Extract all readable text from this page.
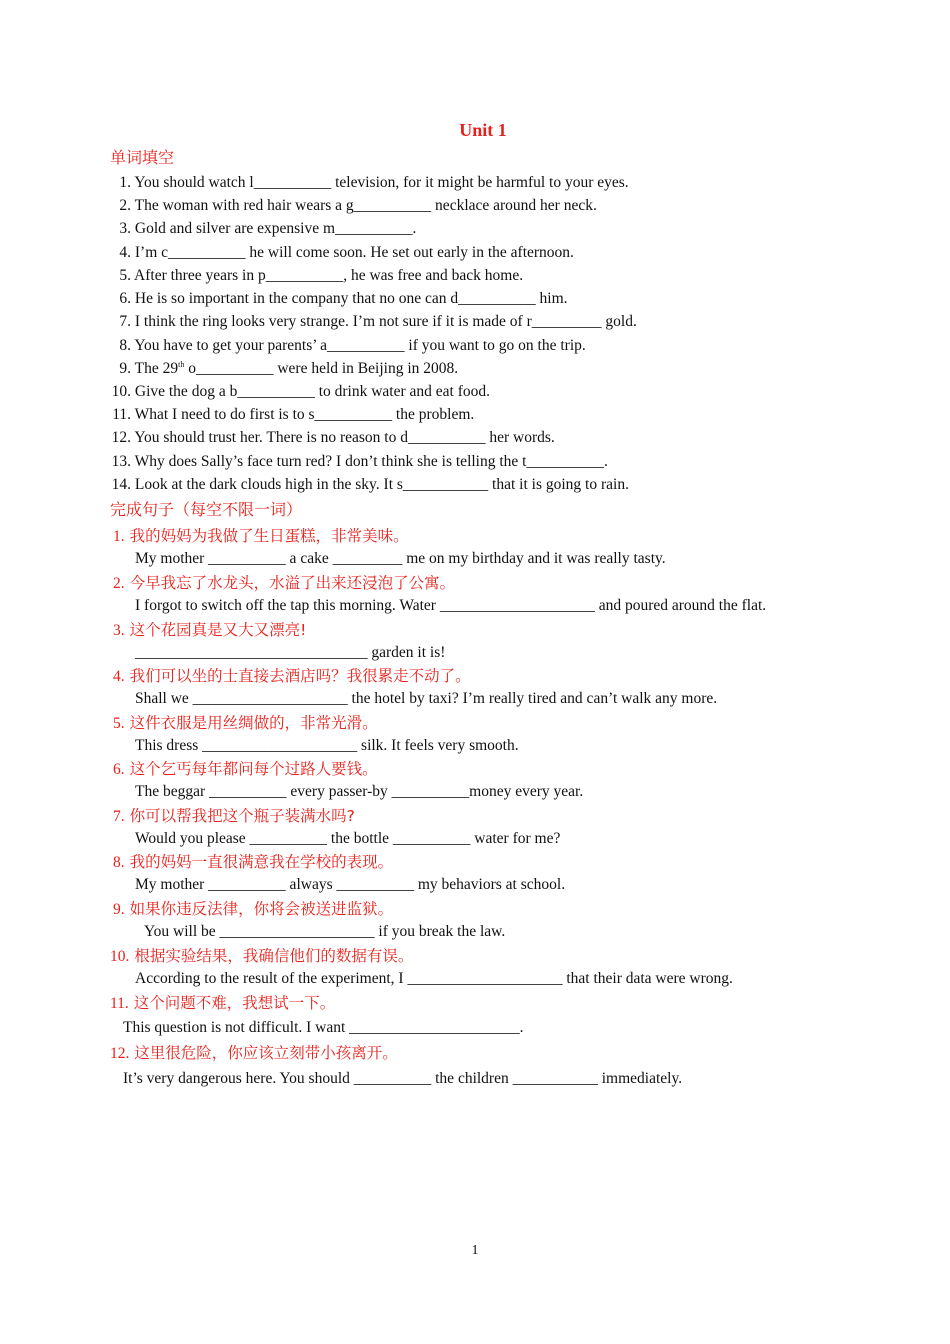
Unit 1
单词填空
1. You should watch l__________ television, for it might be harmful to your eyes.
2. The woman with red hair wears a g__________ necklace around her neck.
3. Gold and silver are expensive m__________.
4. I’m c__________ he will come soon. He set out early in the afternoon.
5. After three years in p__________, he was free and back home.
6. He is so important in the company that no one can d__________ him.
7. I think the ring looks very strange. I’m not sure if it is made of r_________ gold.
8. You have to get your parents’ a__________ if you want to go on the trip.
9. The 29th o__________ were held in Beijing in 2008.
10. Give the dog a b__________ to drink water and eat food.
11. What I need to do first is to s__________ the problem.
12. You should trust her. There is no reason to d__________ her words.
13. Why does Sally’s face turn red? I don’t think she is telling the t__________.
14. Look at the dark clouds high in the sky. It s___________ that it is going to rain.
完成句子（每空不限一词）
1. 我的妈妈为我做了生日蛋糕，非常美味。
My mother __________ a cake _________ me on my birthday and it was really tasty.
2. 今早我忘了水龙头，水溢了出来还浸泡了公寓。
I forgot to switch off the tap this morning. Water ____________________ and poured around the flat.
3. 这个花园真是又大又漂亮!
______________________________ garden it is!
4. 我们可以坐的士直接去酒店吗？我很累走不动了。
Shall we ____________________ the hotel by taxi? I’m really tired and can’t walk any more.
5. 这件衣服是用丝绸做的，非常光滑。
This dress ____________________ silk. It feels very smooth.
6. 这个乞丐每年都问每个过路人要钱。
The beggar __________ every passer-by __________money every year.
7. 你可以帮我把这个瓶子装满水吗?
Would you please __________ the bottle __________ water for me?
8. 我的妈妈一直很满意我在学校的表现。
My mother __________ always __________ my behaviors at school.
9. 如果你违反法律，你将会被送进监狱。
You will be ____________________ if you break the law.
10. 根据实验结果，我确信他们的数据有误。
According to the result of the experiment, I ____________________ that their data were wrong.
11. 这个问题不难，我想试一下。
This question is not difficult. I want ______________________.
12. 这里很危险，你应该立刻带小孩离开。
It’s very dangerous here. You should __________ the children ___________ immediately.
1
